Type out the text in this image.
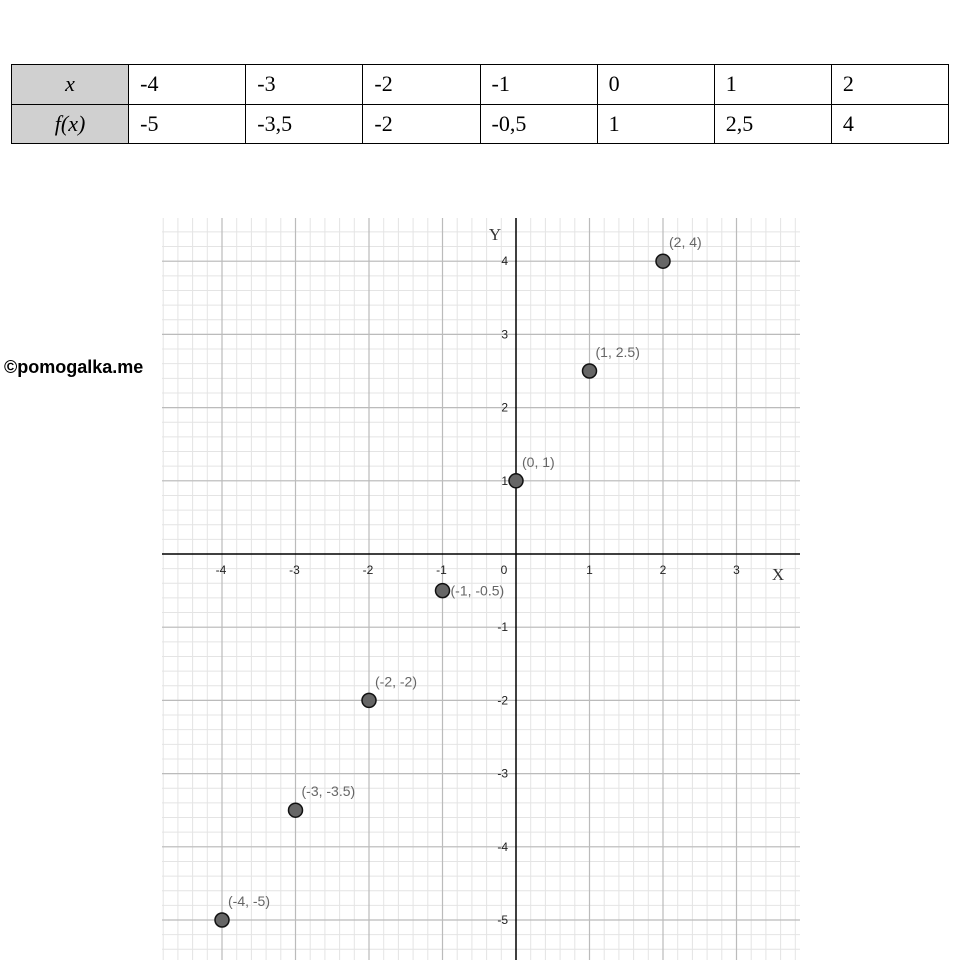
x	-4	-3	-2	-1	0	1	2
f(x)	-5	-3,5	-2	-0,5	1	2,5	4
©pomogalka.me
-4	-3	-2	-1	0	1	2	3
-5
-4
-3
-2
-1
1
2
3
4
X
Y
(-4, -5)
(-3, -3.5)
(-2, -2)
(-1, -0.5)
(0, 1)
(1, 2.5)
(2, 4)
